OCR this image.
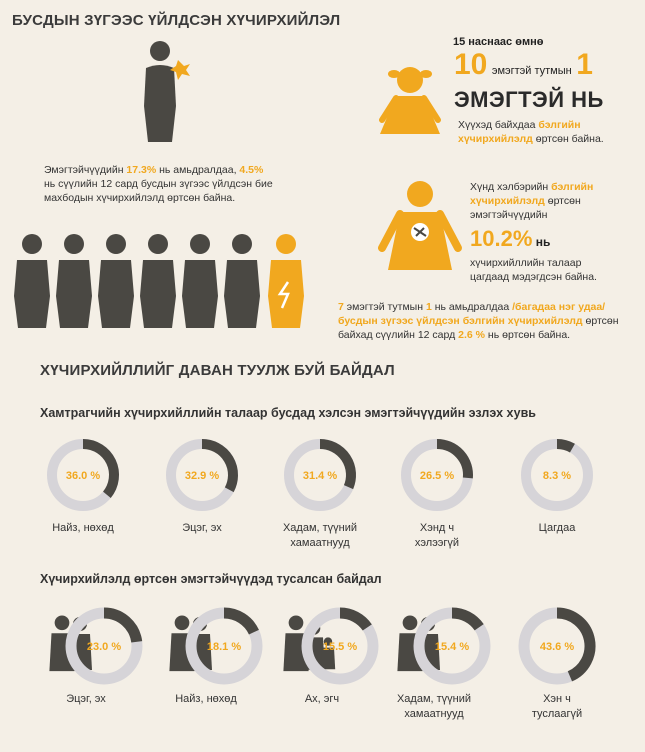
БУСДЫН ЗҮГЭЭС ҮЙЛДСЭН ХҮЧИРХИЙЛЭЛ
Эмэгтэйчүүдийн 17.3% нь амьдралдаа, 4.5%
нь сүүлийн 12 сард бусдын зүгээс үйлдсэн бие
махбодын хүчирхийлэлд өртсөн байна.
15 наснаас өмнө
10 эмэгтэй тутмын 1
ЭМЭГТЭЙ НЬ
Хүүхэд байхдаа бэлгийн
хүчирхийлэлд өртсөн байна.
Хүнд хэлбэрийн бэлгийн
хүчирхийлэлд өртсөн
эмэгтэйчүүдийн
10.2% нь
хүчирхийллийн талаар
цагдаад мэдэгдсэн байна.
7 эмэгтэй тутмын 1 нь амьдралдаа /багадаа нэг удаа/
бусдын зүгээс үйлдсэн бэлгийн хүчирхийлэлд өртсөн
байхад сүүлийн 12 сард 2.6 % нь өртсөн байна.
ХҮЧИРХИЙЛЛИЙГ ДАВАН ТУУЛЖ БУЙ БАЙДАЛ
Хамтрагчийн хүчирхийллийн талаар бусдад хэлсэн эмэгтэйчүүдийн эзлэх хувь
36.0 %
Найз, нөхөд
32.9 %
Эцэг, эх
31.4 %
Хадам, түүний
хамаатнууд
26.5 %
Хэнд ч
хэлээгүй
8.3 %
Цагдаа
Хүчирхийлэлд өртсөн эмэгтэйчүүдэд тусалсан байдал
23.0 %
Эцэг, эх
18.1 %
Найз, нөхөд
15.5 %
Ах, эгч
15.4 %
Хадам, түүний
хамаатнууд
43.6 %
Хэн ч
туслаагүй
